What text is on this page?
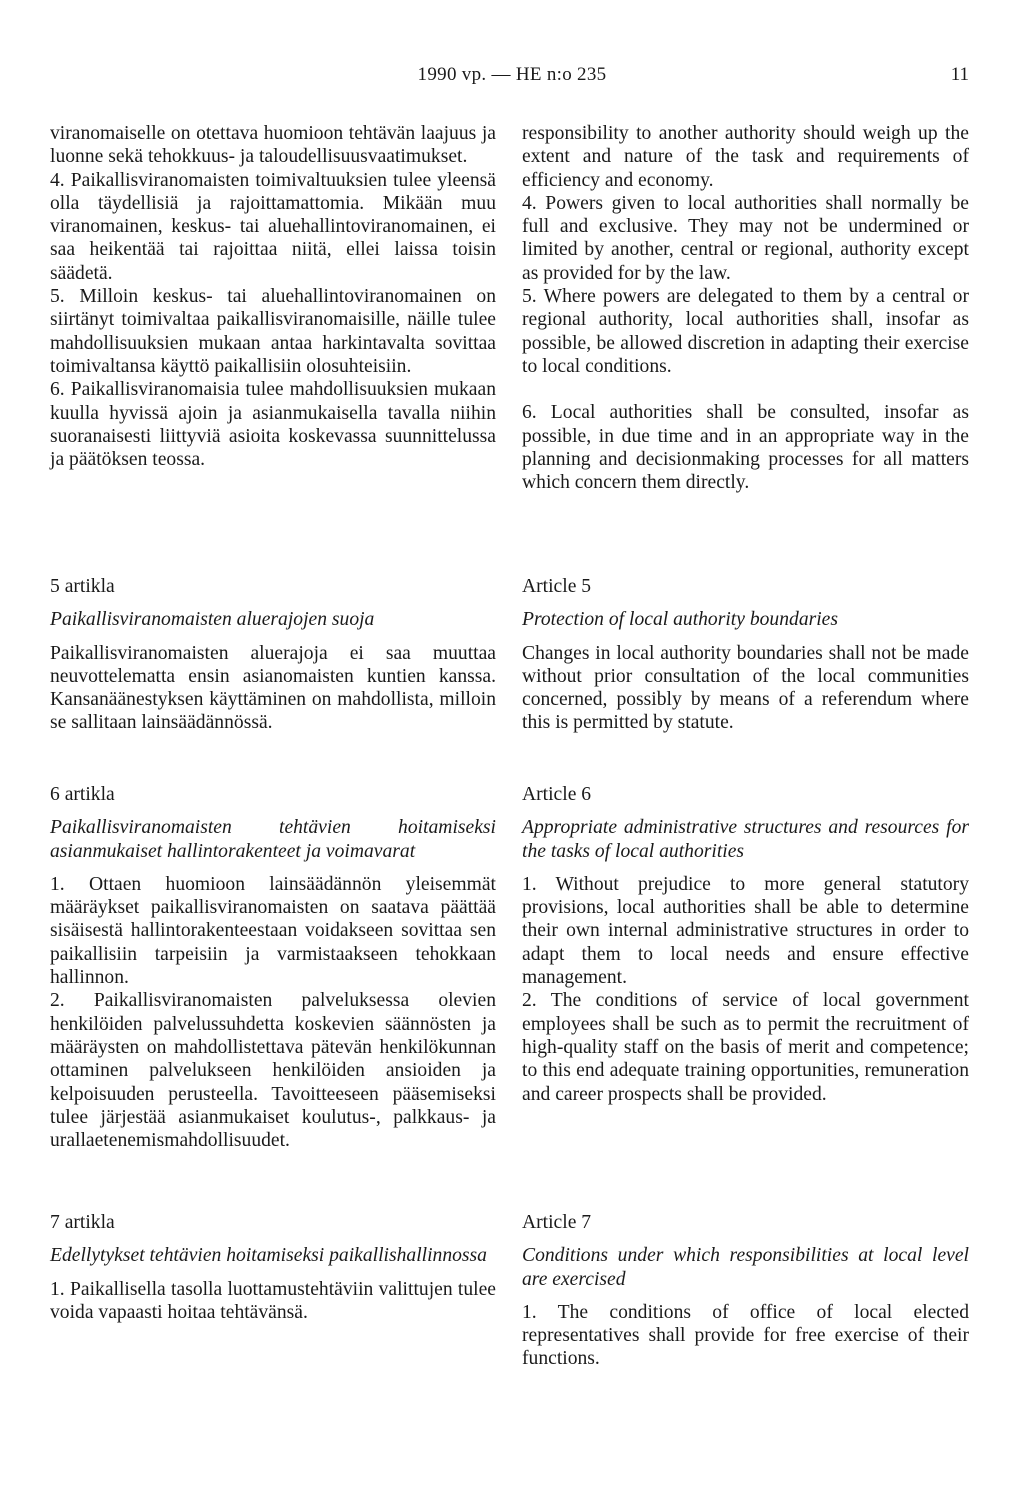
1990 vp. — HE n:o 235	11

viranomaiselle on otettava huomioon tehtävän laajuus ja luonne sekä tehokkuus- ja taloudellisuusvaatimukset.

4. Paikallisviranomaisten toimivaltuuksien tulee yleensä olla täydellisiä ja rajoittamattomia. Mikään muu viranomainen, keskus- tai aluehallintoviranomainen, ei saa heikentää tai rajoittaa niitä, ellei laissa toisin säädetä.

5. Milloin keskus- tai aluehallintoviranomainen on siirtänyt toimivaltaa paikallisviranomaisille, näille tulee mahdollisuuksien mukaan antaa harkintavalta sovittaa toimivaltansa käyttö paikallisiin olosuhteisiin.

6. Paikallisviranomaisia tulee mahdollisuuksien mukaan kuulla hyvissä ajoin ja asianmukaisella tavalla niihin suoranaisesti liittyviä asioita koskevassa suunnittelussa ja päätöksen teossa.

5 artikla

Paikallisviranomaisten aluerajojen suoja

Paikallisviranomaisten aluerajoja ei saa muuttaa neuvottelematta ensin asianomaisten kuntien kanssa. Kansanäänestyksen käyttäminen on mahdollista, milloin se sallitaan lainsäädännössä.

6 artikla

Paikallisviranomaisten tehtävien hoitamiseksi asianmukaiset hallintorakenteet ja voimavarat

1. Ottaen huomioon lainsäädännön yleisemmät määräykset paikallisviranomaisten on saatava päättää sisäisestä hallintorakenteestaan voidakseen sovittaa sen paikallisiin tarpeisiin ja varmistaakseen tehokkaan hallinnon.

2. Paikallisviranomaisten palveluksessa olevien henkilöiden palvelussuhdetta koskevien säännösten ja määräysten on mahdollistettava pätevän henkilökunnan ottaminen palvelukseen henkilöiden ansioiden ja kelpoisuuden perusteella. Tavoitteeseen pääsemiseksi tulee järjestää asianmukaiset koulutus-, palkkaus- ja urallaetenemismahdollisuudet.

7 artikla

Edellytykset tehtävien hoitamiseksi paikallishallinnossa

1. Paikallisella tasolla luottamustehtäviin valittujen tulee voida vapaasti hoitaa tehtävänsä.

responsibility to another authority should weigh up the extent and nature of the task and requirements of efficiency and economy.

4. Powers given to local authorities shall normally be full and exclusive. They may not be undermined or limited by another, central or regional, authority except as provided for by the law.

5. Where powers are delegated to them by a central or regional authority, local authorities shall, insofar as possible, be allowed discretion in adapting their exercise to local conditions.

6. Local authorities shall be consulted, insofar as possible, in due time and in an appropriate way in the planning and decisionmaking processes for all matters which concern them directly.

Article 5

Protection of local authority boundaries

Changes in local authority boundaries shall not be made without prior consultation of the local communities concerned, possibly by means of a referendum where this is permitted by statute.

Article 6

Appropriate administrative structures and resources for the tasks of local authorities

1. Without prejudice to more general statutory provisions, local authorities shall be able to determine their own internal administrative structures in order to adapt them to local needs and ensure effective management.

2. The conditions of service of local government employees shall be such as to permit the recruitment of high-quality staff on the basis of merit and competence; to this end adequate training opportunities, remuneration and career prospects shall be provided.

Article 7

Conditions under which responsibilities at local level are exercised

1. The conditions of office of local elected representatives shall provide for free exercise of their functions.
